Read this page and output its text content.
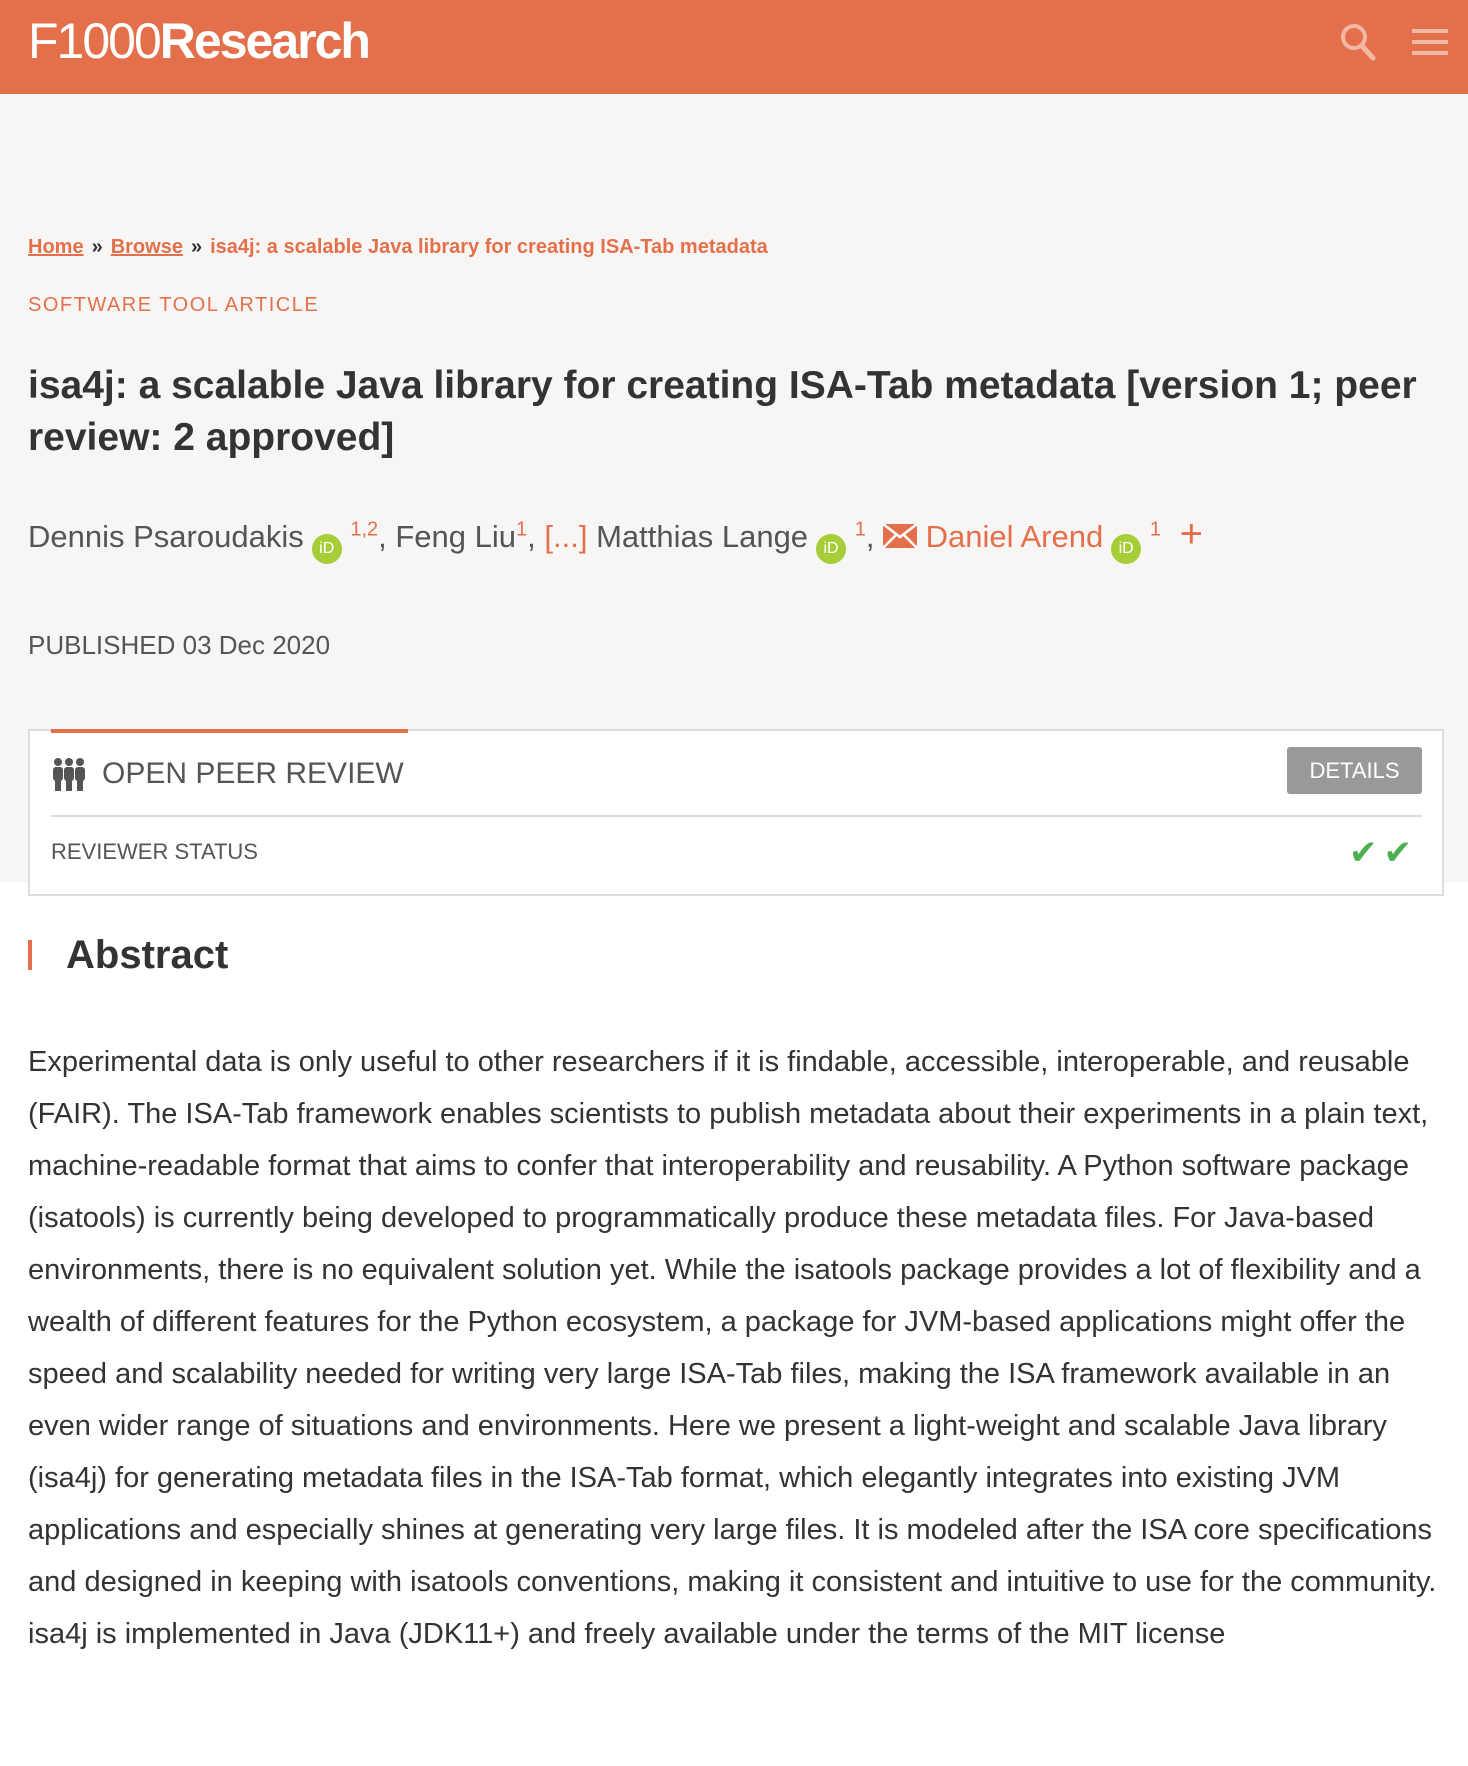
F1000Research
Home » Browse » isa4j: a scalable Java library for creating ISA-Tab metadata
SOFTWARE TOOL ARTICLE
isa4j: a scalable Java library for creating ISA-Tab metadata [version 1; peer review: 2 approved]
Dennis Psaroudakis iD $^{1,2}$, Feng Liu$^1$, [...] Matthias Lange iD $^1$,  Daniel Arend iD $^1$ +
PUBLISHED 03 Dec 2020
OPEN PEER REVIEW	DETAILS
REVIEWER STATUS	✔✔
Abstract

Experimental data is only useful to other researchers if it is findable, accessible, interoperable, and reusable (FAIR). The ISA-Tab framework enables scientists to publish metadata about their experiments in a plain text, machine-readable format that aims to confer that interoperability and reusability. A Python software package (isatools) is currently being developed to programmatically produce these metadata files. For Java-based environments, there is no equivalent solution yet. While the isatools package provides a lot of flexibility and a wealth of different features for the Python ecosystem, a package for JVM-based applications might offer the speed and scalability needed for writing very large ISA-Tab files, making the ISA framework available in an even wider range of situations and environments. Here we present a light-weight and scalable Java library (isa4j) for generating metadata files in the ISA-Tab format, which elegantly integrates into existing JVM applications and especially shines at generating very large files. It is modeled after the ISA core specifications and designed in keeping with isatools conventions, making it consistent and intuitive to use for the community.

isa4j is implemented in Java (JDK11+) and freely available under the terms of the MIT license
